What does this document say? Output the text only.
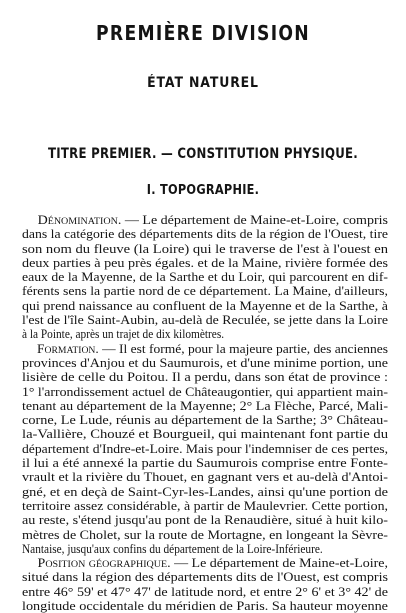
PREMIÈRE DIVISION
ÉTAT NATUREL
TITRE PREMIER. — CONSTITUTION PHYSIQUE.
I. TOPOGRAPHIE.
Dénomination. — Le département de Maine-et-Loire, compris
dans la catégorie des départements dits de la région de l'Ouest, tire
son nom du fleuve (la Loire) qui le traverse de l'est à l'ouest en
deux parties à peu près égales. et de la Maine, rivière formée des
eaux de la Mayenne, de la Sarthe et du Loir, qui parcourent en dif-
férents sens la partie nord de ce département. La Maine, d'ailleurs,
qui prend naissance au confluent de la Mayenne et de la Sarthe, à
l'est de l'île Saint-Aubin, au-delà de Reculée, se jette dans la Loire
à la Pointe, après un trajet de dix kilomètres.
Formation. — Il est formé, pour la majeure partie, des anciennes
provinces d'Anjou et du Saumurois, et d'une minime portion, une
lisière de celle du Poitou. Il a perdu, dans son état de province :
1° l'arrondissement actuel de Châteaugontier, qui appartient main-
tenant au département de la Mayenne; 2° La Flèche, Parcé, Mali-
corne, Le Lude, réunis au département de la Sarthe; 3° Château-
la-Vallière, Chouzé et Bourgueil, qui maintenant font partie du
département d'Indre-et-Loire. Mais pour l'indemniser de ces pertes,
il lui a été annexé la partie du Saumurois comprise entre Fonte-
vrault et la rivière du Thouet, en gagnant vers et au-delà d'Antoi-
gné, et en deçà de Saint-Cyr-les-Landes, ainsi qu'une portion de
territoire assez considérable, à partir de Maulevrier. Cette portion,
au reste, s'étend jusqu'au pont de la Renaudière, situé à huit kilo-
mètres de Cholet, sur la route de Mortagne, en longeant la Sèvre-
Nantaise, jusqu'aux confins du département de la Loire-Inférieure.
Position géographique. — Le département de Maine-et-Loire,
situé dans la région des départements dits de l'Ouest, est compris
entre 46° 59' et 47° 47' de latitude nord, et entre 2° 6' et 3° 42' de
longitude occidentale du méridien de Paris. Sa hauteur moyenne
